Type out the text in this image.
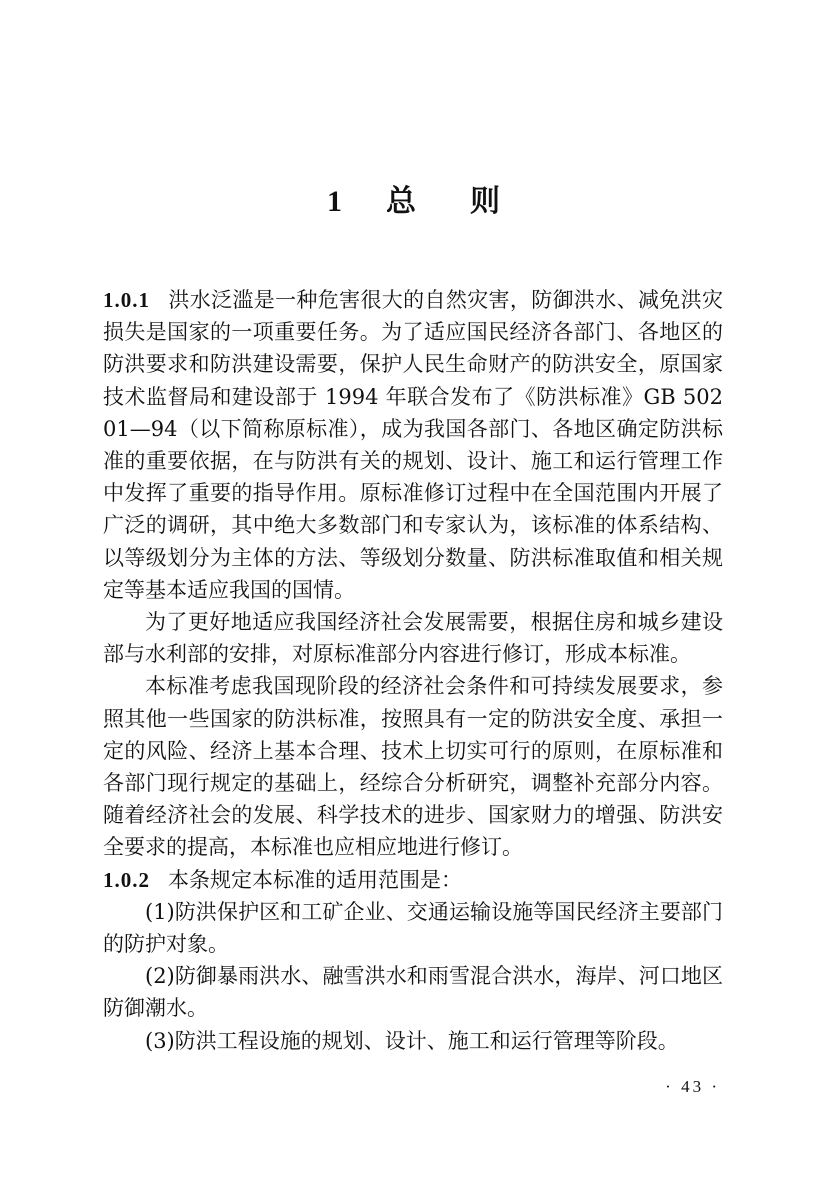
1 总 则

1.0.1 洪水泛滥是一种危害很大的自然灾害，防御洪水、减免洪灾损失是国家的一项重要任务。为了适应国民经济各部门、各地区的防洪要求和防洪建设需要，保护人民生命财产的防洪安全，原国家技术监督局和建设部于 1994 年联合发布了《防洪标准》GB 50201—94（以下简称原标准），成为我国各部门、各地区确定防洪标准的重要依据，在与防洪有关的规划、设计、施工和运行管理工作中发挥了重要的指导作用。原标准修订过程中在全国范围内开展了广泛的调研，其中绝大多数部门和专家认为，该标准的体系结构、以等级划分为主体的方法、等级划分数量、防洪标准取值和相关规定等基本适应我国的国情。

为了更好地适应我国经济社会发展需要，根据住房和城乡建设部与水利部的安排，对原标准部分内容进行修订，形成本标准。

本标准考虑我国现阶段的经济社会条件和可持续发展要求，参照其他一些国家的防洪标准，按照具有一定的防洪安全度、承担一定的风险、经济上基本合理、技术上切实可行的原则，在原标准和各部门现行规定的基础上，经综合分析研究，调整补充部分内容。随着经济社会的发展、科学技术的进步、国家财力的增强、防洪安全要求的提高，本标准也应相应地进行修订。

1.0.2 本条规定本标准的适用范围是：

(1)防洪保护区和工矿企业、交通运输设施等国民经济主要部门的防护对象。

(2)防御暴雨洪水、融雪洪水和雨雪混合洪水，海岸、河口地区防御潮水。

(3)防洪工程设施的规划、设计、施工和运行管理等阶段。

· 43 ·
